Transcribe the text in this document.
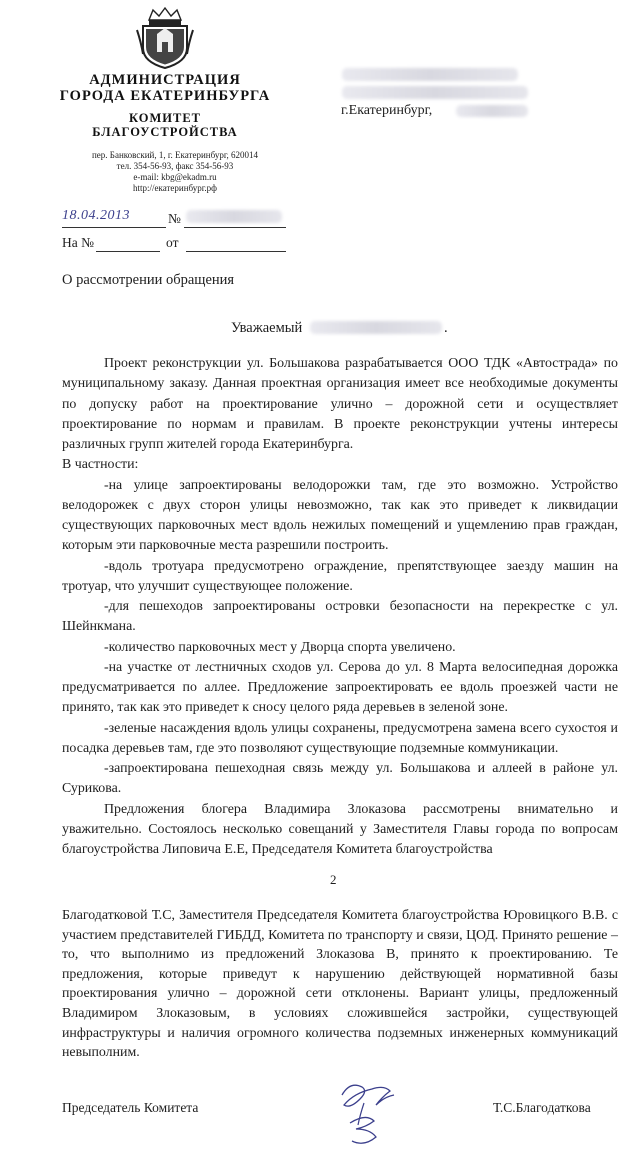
АДМИНИСТРАЦИЯ
ГОРОДА ЕКАТЕРИНБУРГА
КОМИТЕТ
БЛАГОУСТРОЙСТВА
пер. Банковский, 1, г. Екатеринбург, 620014
тел. 354-56-93, факс 354-56-93
e-mail: kbg@ekadm.ru
http://екатеринбург.рф
г.Екатеринбург,
18.04.2013	№
На №	от
О рассмотрении обращения
Уважаемый	.

Проект реконструкции ул. Большакова разрабатывается ООО ТДК «Автострада» по муниципальному заказу. Данная проектная организация имеет все необходимые документы по допуску работ на проектирование улично – дорожной сети и осуществляет проектирование по нормам и правилам. В проекте реконструкции учтены интересы различных групп жителей города Екатеринбурга.

В частности:

-на улице запроектированы велодорожки там, где это возможно. Устройство велодорожек с двух сторон улицы невозможно, так как это приведет к ликвидации существующих парковочных мест вдоль нежилых помещений и ущемлению прав граждан, которым эти парковочные места разрешили построить.

-вдоль тротуара предусмотрено ограждение, препятствующее заезду машин на тротуар, что улучшит существующее положение.

-для пешеходов запроектированы островки безопасности на перекрестке с ул. Шейнкмана.

-количество парковочных мест у Дворца спорта увеличено.

-на участке от лестничных сходов ул. Серова до ул. 8 Марта велосипедная дорожка предусматривается по аллее. Предложение запроектировать ее вдоль проезжей части не принято, так как это приведет к сносу целого ряда деревьев в зеленой зоне.

-зеленые насаждения вдоль улицы сохранены, предусмотрена замена всего сухостоя и посадка деревьев там, где это позволяют существующие подземные коммуникации.

-запроектирована пешеходная связь между ул. Большакова и аллеей в районе ул. Сурикова.

Предложения блогера Владимира Злоказова рассмотрены внимательно и уважительно. Состоялось несколько совещаний у Заместителя Главы города по вопросам благоустройства Липовича Е.Е, Председателя Комитета благоустройства

2

Благодатковой Т.С, Заместителя Председателя Комитета благоустройства Юровицкого В.В. с участием представителей ГИБДД, Комитета по транспорту и связи, ЦОД. Принято решение – то, что выполнимо из предложений Злоказова В, принято к проектированию. Те предложения, которые приведут к нарушению действующей нормативной базы проектирования улично – дорожной сети отклонены. Вариант улицы, предложенный Владимиром Злоказовым, в условиях сложившейся застройки, существующей инфраструктуры и наличия огромного количества подземных инженерных коммуникаций невыполним.

Председатель Комитета	Т.С.Благодаткова
